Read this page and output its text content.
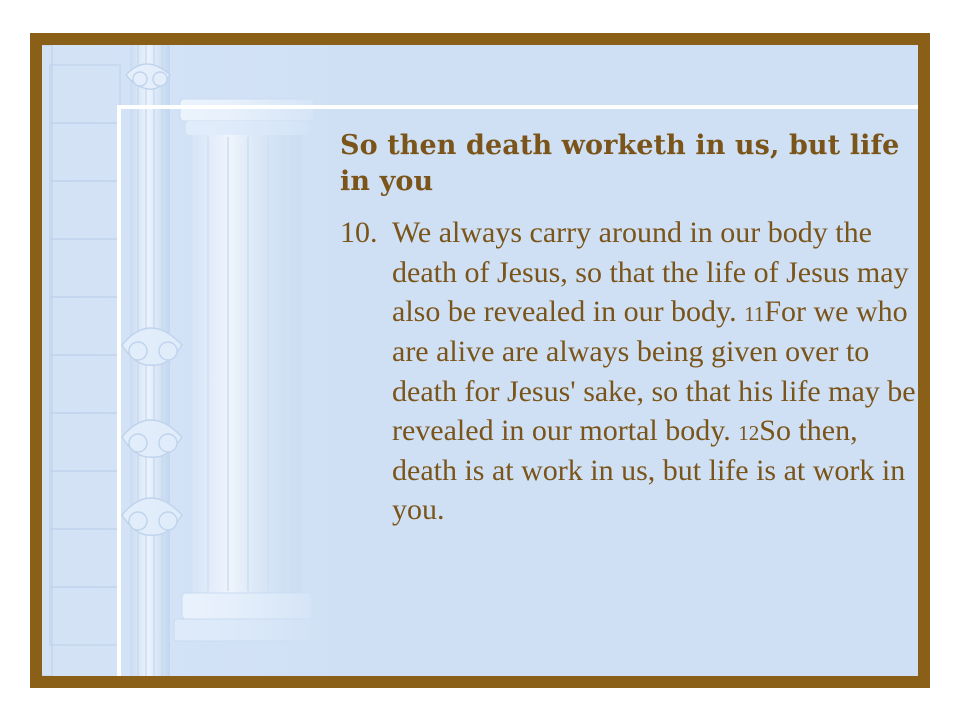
So then death worketh in us, but life in you
10. We always carry around in our body the death of Jesus, so that the life of Jesus may also be revealed in our body. 11For we who are alive are always being given over to death for Jesus' sake, so that his life may be revealed in our mortal body. 12So then, death is at work in us, but life is at work in you.
